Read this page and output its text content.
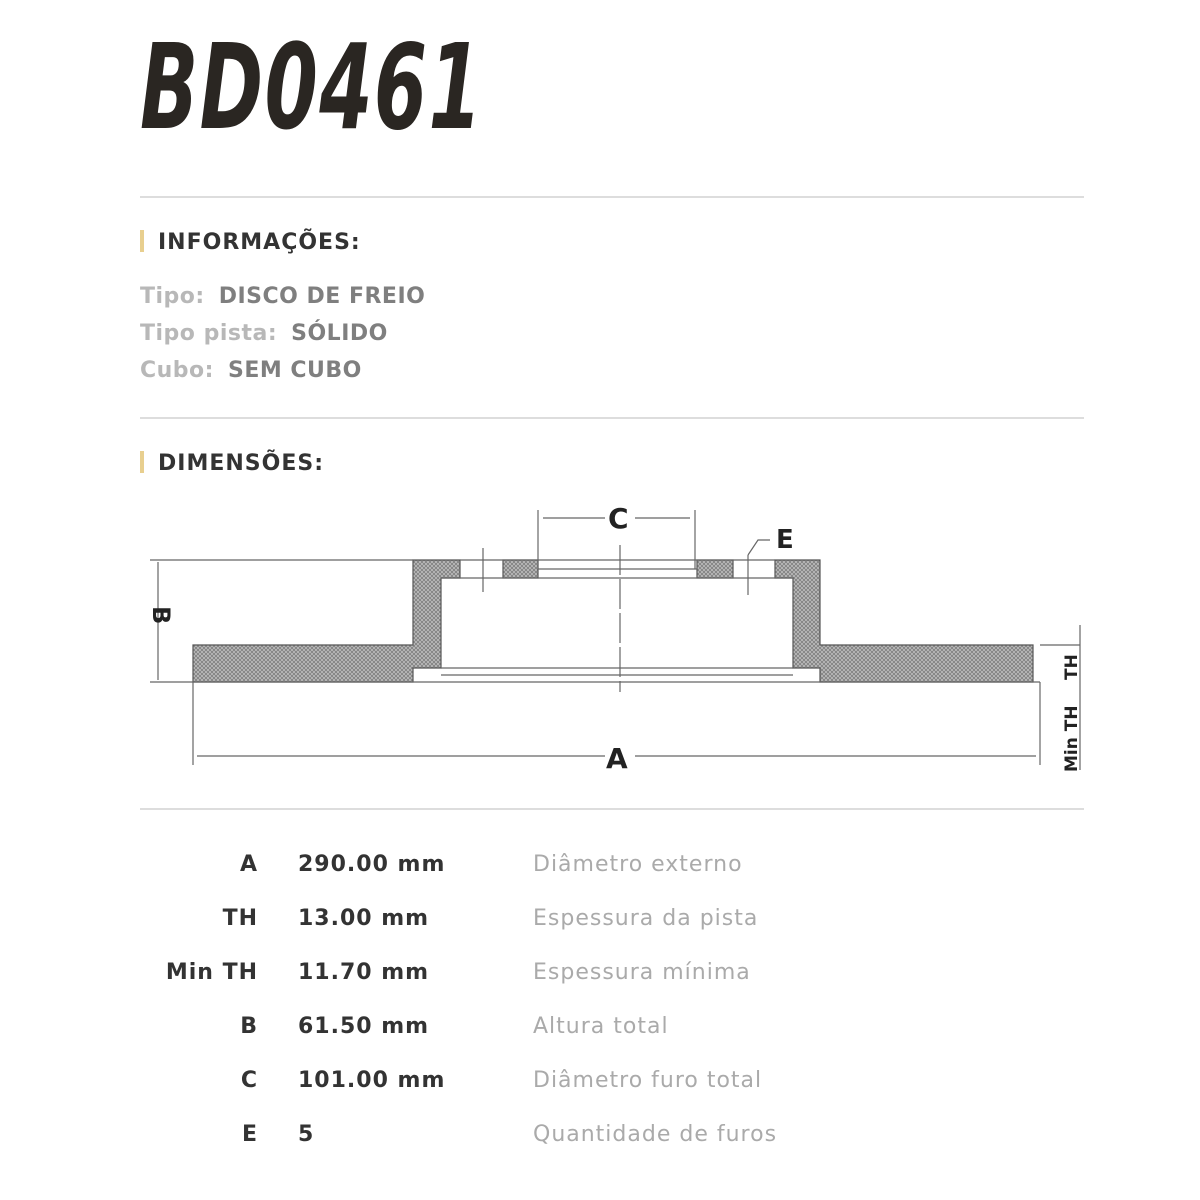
BD0461
INFORMAÇÕES:
Tipo: DISCO DE FREIO
Tipo pista: SÓLIDO
Cubo: SEM CUBO
DIMENSÕES:
B
C
E
A
TH
Min TH
A 290.00 mm	Diâmetro externo
TH 13.00 mm	Espessura da pista
Min TH 11.70 mm	Espessura mínima
B 61.50 mm	Altura total
C 101.00 mm	Diâmetro furo total
E 5	Quantidade de furos
